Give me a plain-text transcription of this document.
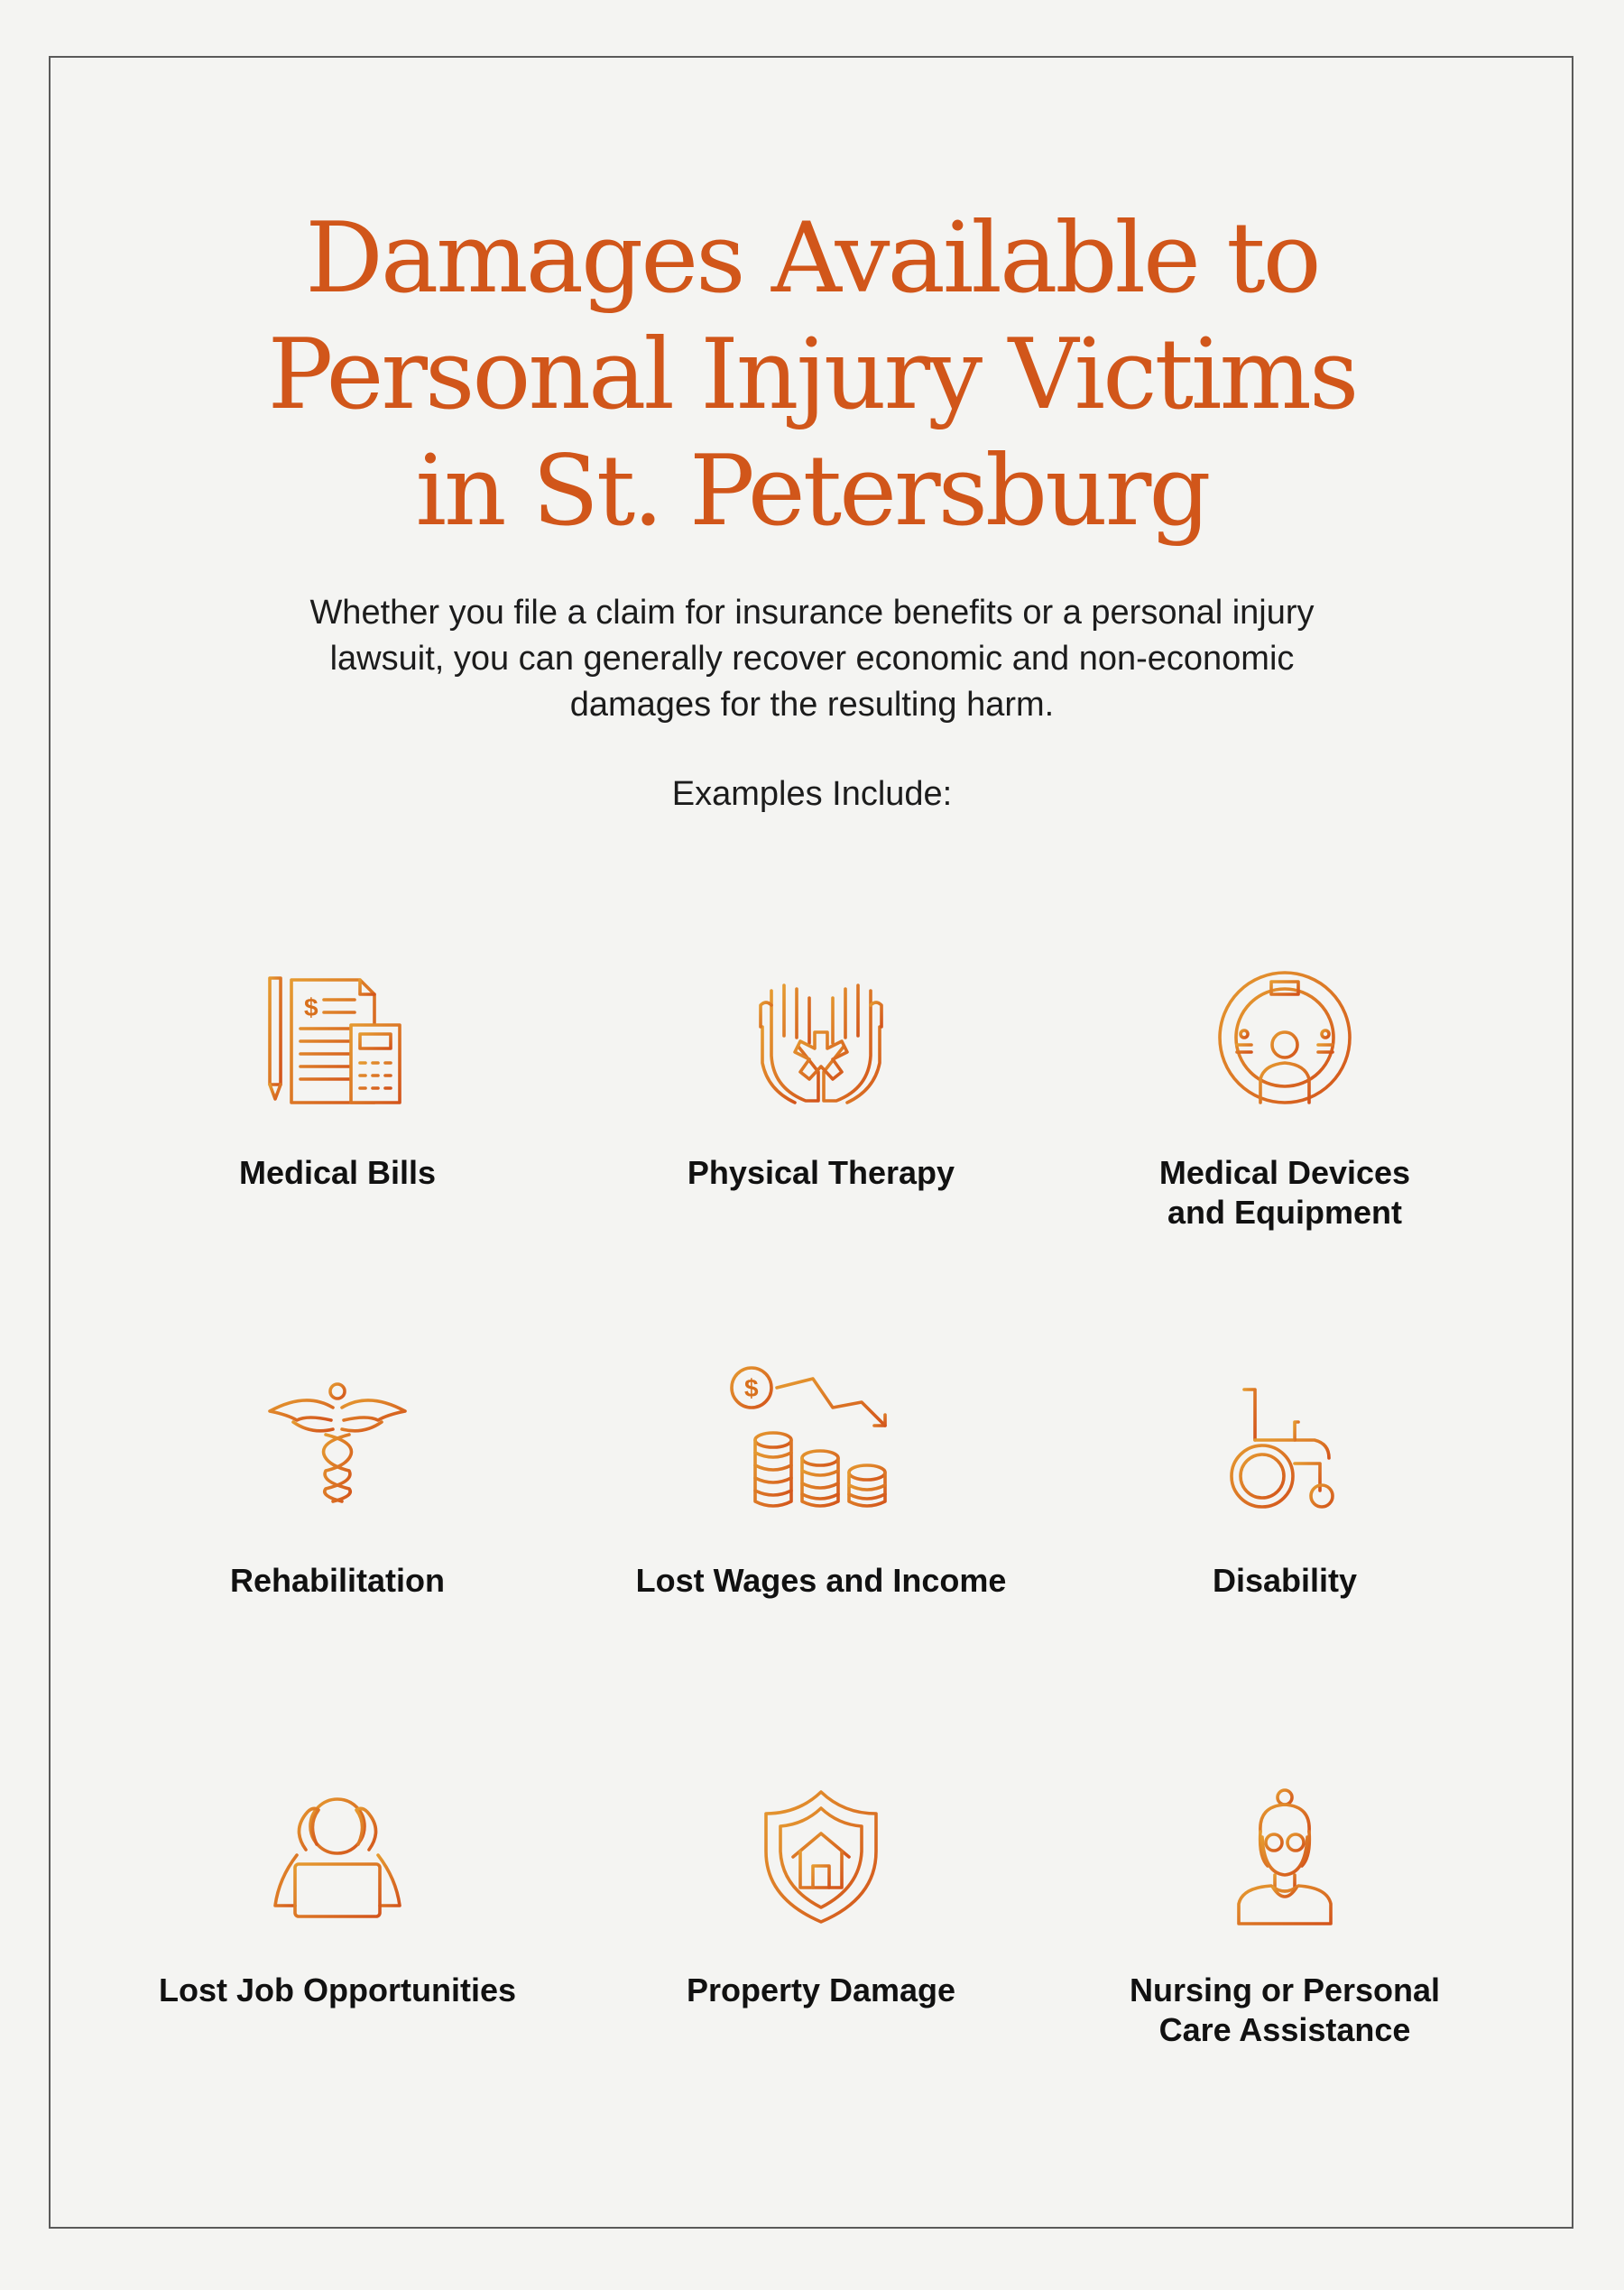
Damages Available to
Personal Injury Victims
in St. Petersburg

Whether you file a claim for insurance benefits or a personal injury lawsuit, you can generally recover economic and non-economic damages for the resulting harm.

Examples Include:
$
Medical Bills	Physical Therapy	Medical Devices
and Equipment
Rehabilitation
$
Lost Wages and Income	Disability
Lost Job Opportunities	Property Damage	Nursing or Personal
Care Assistance
